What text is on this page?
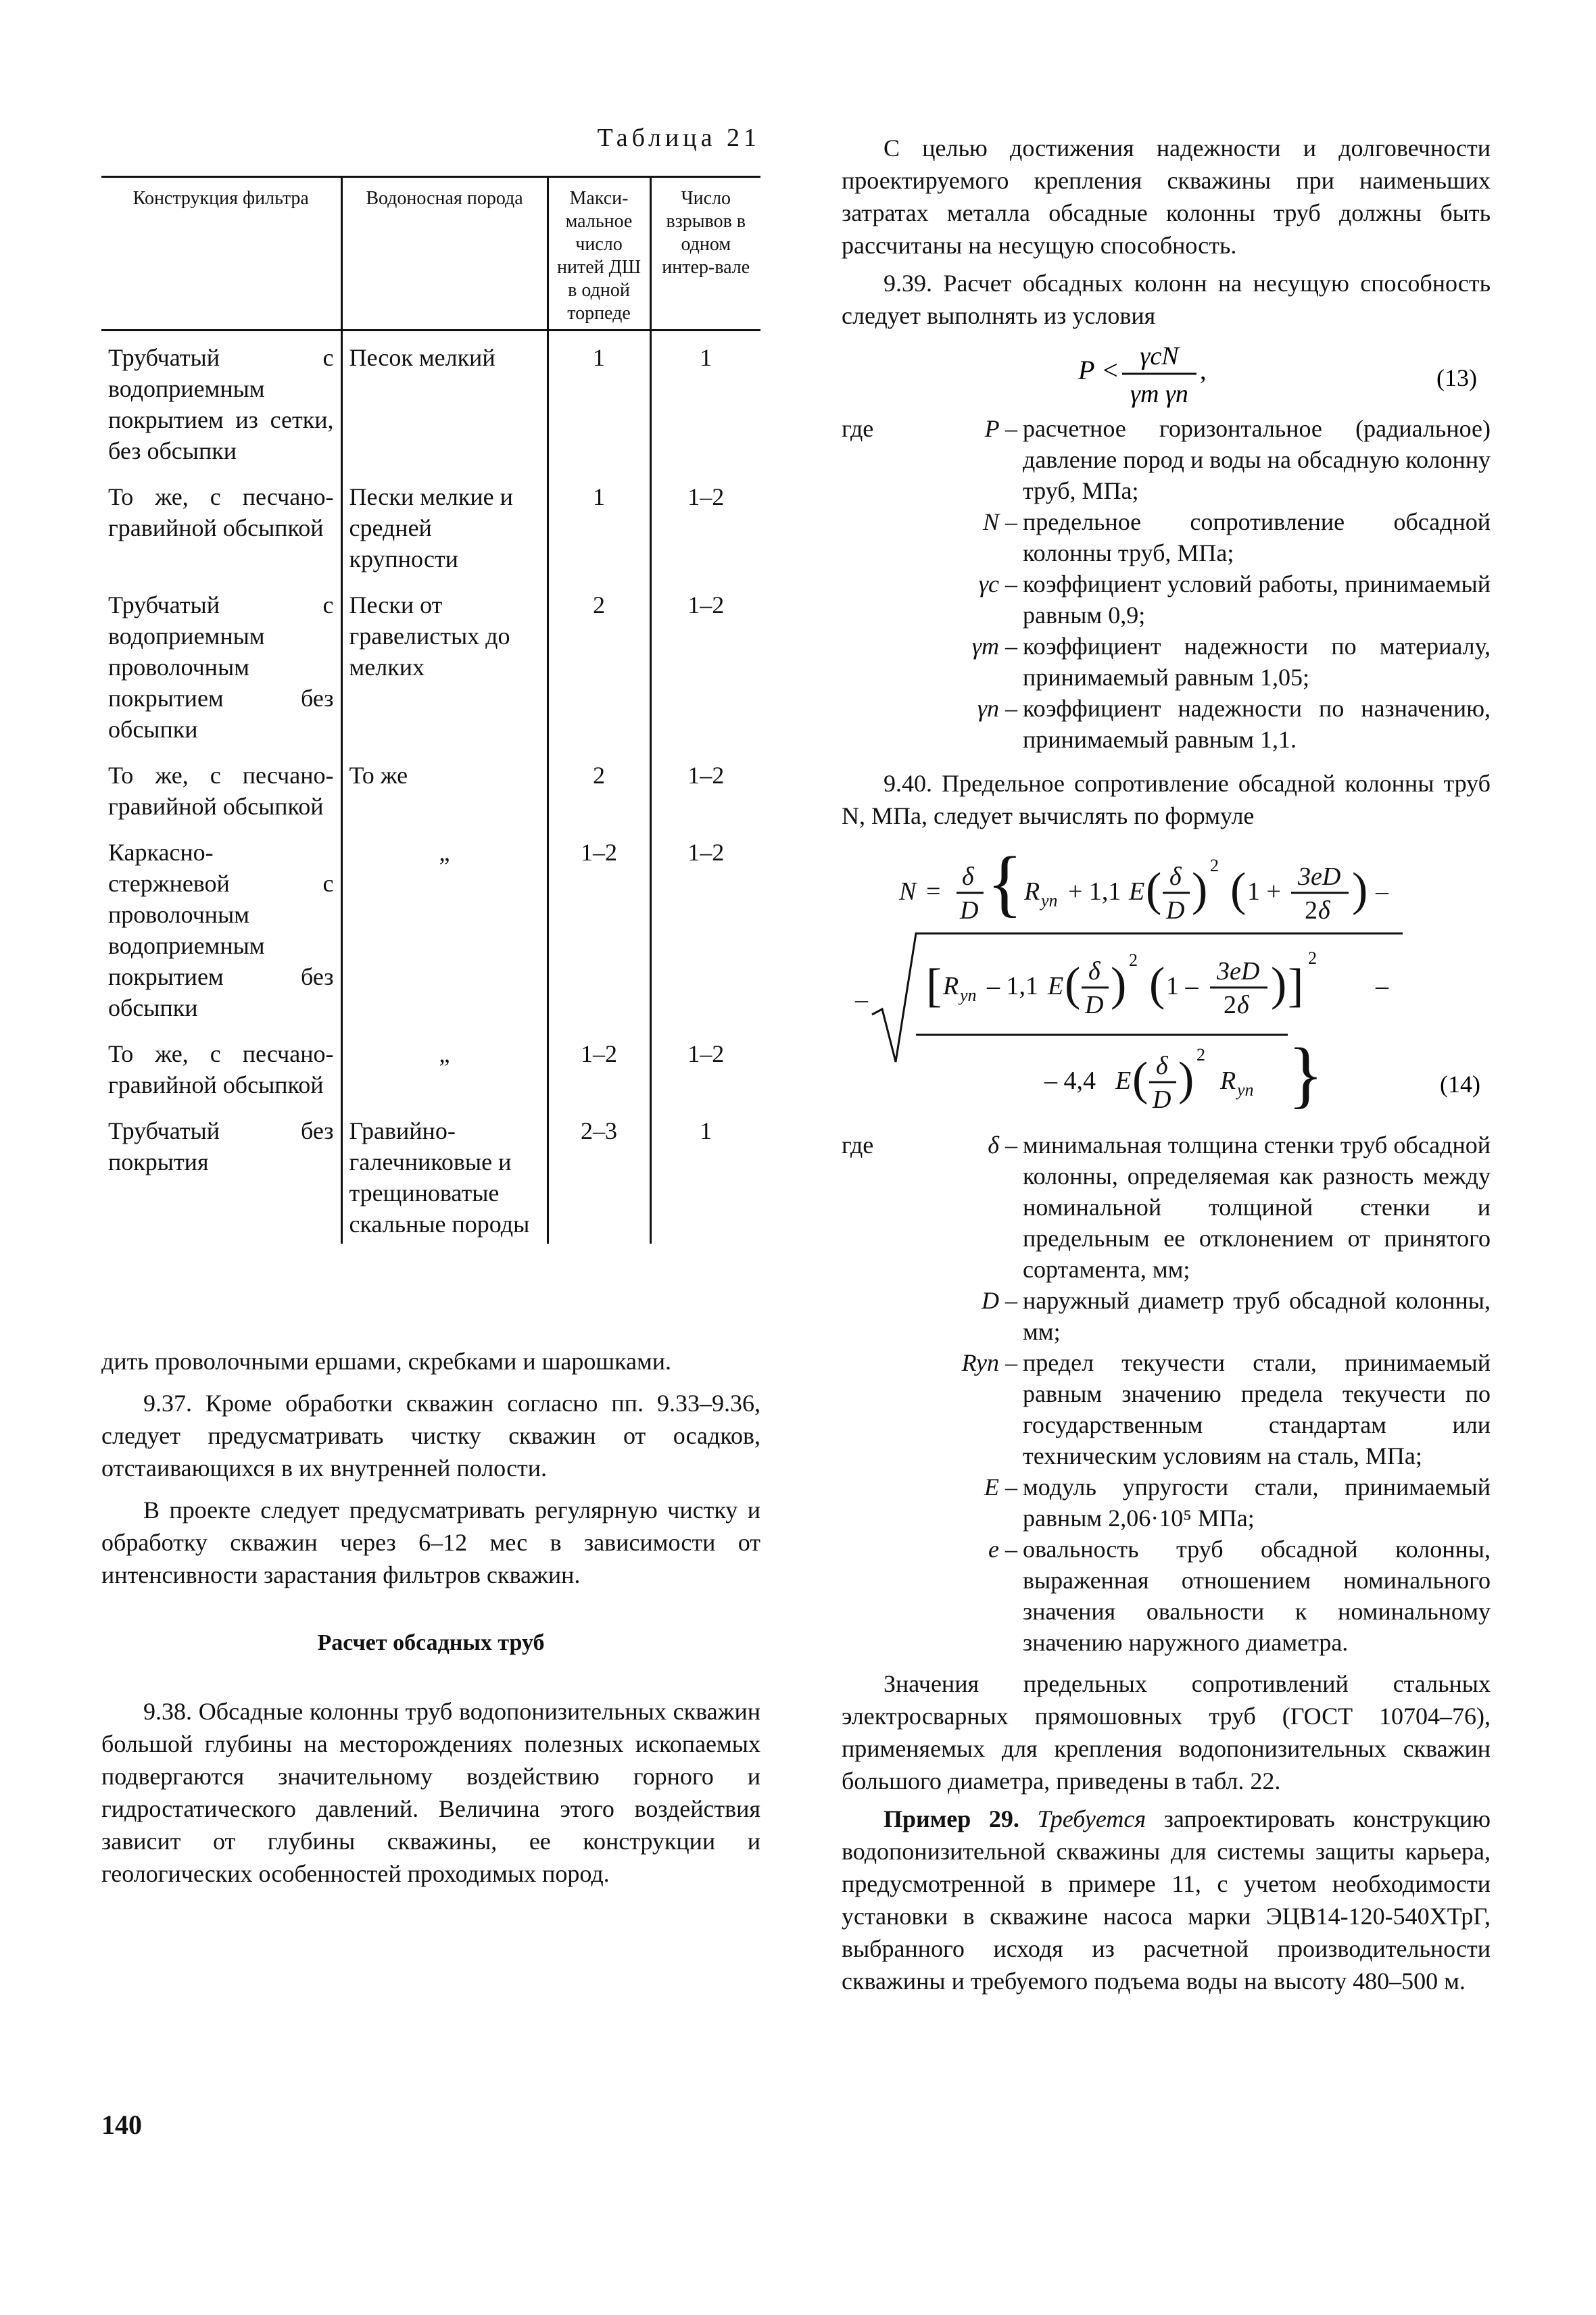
Таблица 21

Конструкция фильтра	Водоносная порода	Макси-мальное число нитей ДШ в одной торпеде	Число взрывов в одном интер-вале
Трубчатый с водоприемным покрытием из сетки, без обсыпки	Песок мелкий	1	1
То же, с песчано-гравийной обсыпкой	Пески мелкие и средней крупности	1	1–2
Трубчатый с водоприемным проволочным покрытием без обсыпки	Пески от гравелистых до мелких	2	1–2
То же, с песчано-гравийной обсыпкой	То же	2	1–2
Каркасно-стержневой с проволочным водоприемным покрытием без обсыпки	„	1–2	1–2
То же, с песчано-гравийной обсыпкой	„	1–2	1–2
Трубчатый без покрытия	Гравийно-галечниковые и трещиноватые скальные породы	2–3	1

дить проволочными ершами, скребками и шарошками.

9.37. Кроме обработки скважин согласно пп. 9.33–9.36, следует предусматривать чистку скважин от осадков, отстаивающихся в их внутренней полости.

В проекте следует предусматривать регулярную чистку и обработку скважин через 6–12 мес в зависимости от интенсивности зарастания фильтров скважин.

Расчет обсадных труб

9.38. Обсадные колонны труб водопонизительных скважин большой глубины на месторождениях полезных ископаемых подвергаются значительному воздействию горного и гидростатического давлений. Величина этого воздействия зависит от глубины скважины, ее конструкции и геологических особенностей проходимых пород.

С целью достижения надежности и долговечности проектируемого крепления скважины при наименьших затратах металла обсадные колонны труб должны быть рассчитаны на несущую способность.

9.39. Расчет обсадных колонн на несущую способность следует выполнять из условия

P < γcN
γm γn
,	(13)
где	P – расчетное горизонтальное (радиальное) давление пород и воды на обсадную колонну труб, МПа;
N – предельное сопротивление обсадной колонны труб, МПа;
γc – коэффициент условий работы, принимаемый равным 0,9;
γm – коэффициент надежности по материалу, принимаемый равным 1,05;
γn – коэффициент надежности по назначению, принимаемый равным 1,1.

9.40. Предельное сопротивление обсадной колонны труб N, МПа, следует вычислять по формуле

N =
δ
D { R yn + 1,1 E ( δ
D ) 2 ( 1 +
3eD
2 δ ) –
– [ R yn – 1,1 E ( δ
D ) 2 ( 1 –
3eD
2 δ ) ]
2
–
– 4,4 E ( δ
D ) 2
R yn }	(14)
где	δ – минимальная толщина стенки труб обсадной колонны, определяемая как разность между номинальной толщиной стенки и предельным ее отклонением от принятого сортамента, мм;
D – наружный диаметр труб обсадной колонны, мм;
Ryn – предел текучести стали, принимаемый равным значению предела текучести по государственным стандартам или техническим условиям на сталь, МПа;
E – модуль упругости стали, принимаемый равным 2,06·10⁵ МПа;
e – овальность труб обсадной колонны, выраженная отношением номинального значения овальности к номинальному значению наружного диаметра.

Значения предельных сопротивлений стальных электросварных прямошовных труб (ГОСТ 10704–76), применяемых для крепления водопонизительных скважин большого диаметра, приведены в табл. 22.

Пример 29. Требуется запроектировать конструкцию водопонизительной скважины для системы защиты карьера, предусмотренной в примере 11, с учетом необходимости установки в скважине насоса марки ЭЦВ14-120-540ХТрГ, выбранного исходя из расчетной производительности скважины и требуемого подъема воды на высоту 480–500 м.

140
